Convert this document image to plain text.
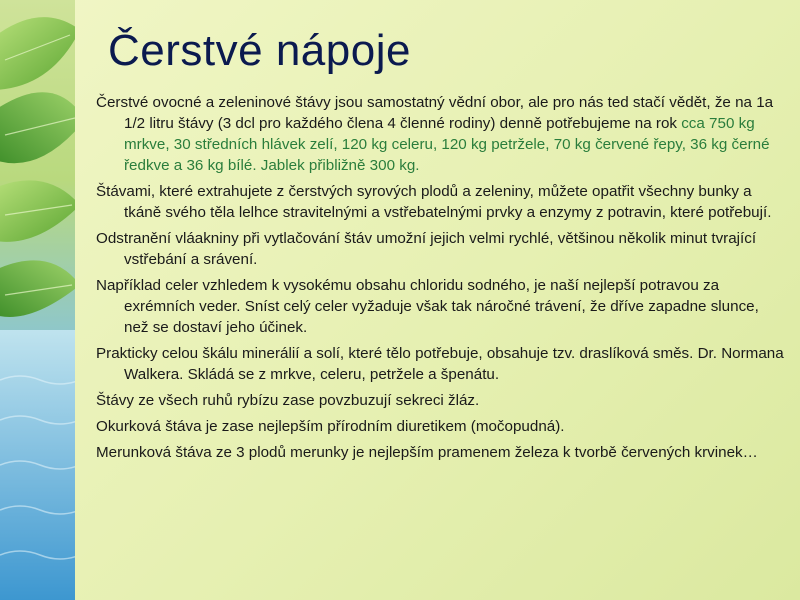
Čerstvé nápoje

Čerstvé ovocné a zeleninové štávy jsou samostatný vědní obor, ale pro nás ted stačí vědět, že na 1a 1/2 litru štávy (3 dcl pro každého člena 4 členné rodiny) denně potřebujeme na rok cca 750 kg mrkve, 30 středních hlávek zelí, 120 kg celeru, 120 kg petržele, 70 kg červené řepy, 36 kg černé ředkve a 36 kg bílé. Jablek přibližně 300 kg.

Štávami, které extrahujete z čerstvých syrových plodů a zeleniny, můžete opatřit všechny bunky a tkáně svého těla lelhce stravitelnými a vstřebatelnými prvky a enzymy z potravin, které potřebují.

Odstranění vláakniny při vytlačování štáv umožní jejich velmi rychlé, většinou několik minut tvrající vstřebání a srávení.

Například celer vzhledem k vysokému obsahu chloridu sodného, je naší nejlepší potravou za exrémních veder. Sníst celý celer vyžaduje však tak náročné trávení, že dříve zapadne slunce, než se dostaví jeho účinek.

Prakticky celou škálu minerálií a solí, které tělo potřebuje, obsahuje tzv. draslíková směs. Dr. Normana Walkera. Skládá se z mrkve, celeru, petržele a špenátu.

Štávy ze všech ruhů rybízu zase povzbuzují sekreci žláz.

Okurková štáva je zase nejlepším přírodním diuretikem (močopudná).

Merunková štáva ze 3 plodů merunky je nejlepším pramenem železa k tvorbě červených krvinek…
